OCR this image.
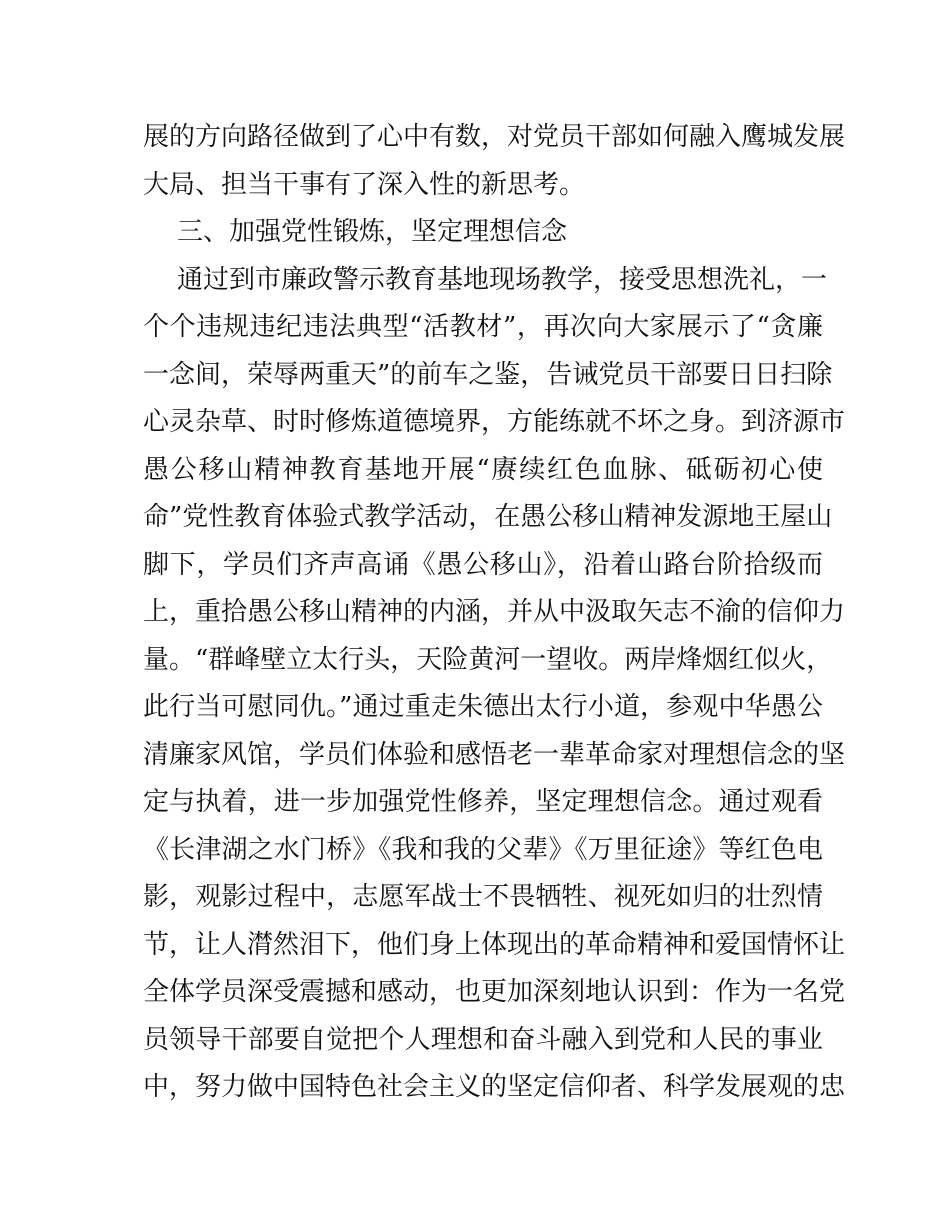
展的方向路径做到了心中有数，对党员干部如何融入鹰城发展
大局、担当干事有了深入性的新思考。
三、加强党性锻炼，坚定理想信念
通过到市廉政警示教育基地现场教学，接受思想洗礼，一
个个违规违纪违法典型“活教材”，再次向大家展示了“贪廉
一念间，荣辱两重天”的前车之鉴，告诫党员干部要日日扫除
心灵杂草、时时修炼道德境界，方能练就不坏之身。到济源市
愚公移山精神教育基地开展“赓续红色血脉、砥砺初心使
命”党性教育体验式教学活动，在愚公移山精神发源地王屋山
脚下，学员们齐声高诵《愚公移山》，沿着山路台阶拾级而
上，重拾愚公移山精神的内涵，并从中汲取矢志不渝的信仰力
量。“群峰壁立太行头，天险黄河一望收。两岸烽烟红似火，
此行当可慰同仇。”通过重走朱德出太行小道，参观中华愚公
清廉家风馆，学员们体验和感悟老一辈革命家对理想信念的坚
定与执着，进一步加强党性修养，坚定理想信念。通过观看
《长津湖之水门桥》《我和我的父辈》《万里征途》等红色电
影，观影过程中，志愿军战士不畏牺牲、视死如归的壮烈情
节，让人潸然泪下，他们身上体现出的革命精神和爱国情怀让
全体学员深受震撼和感动，也更加深刻地认识到：作为一名党
员领导干部要自觉把个人理想和奋斗融入到党和人民的事业
中，努力做中国特色社会主义的坚定信仰者、科学发展观的忠
